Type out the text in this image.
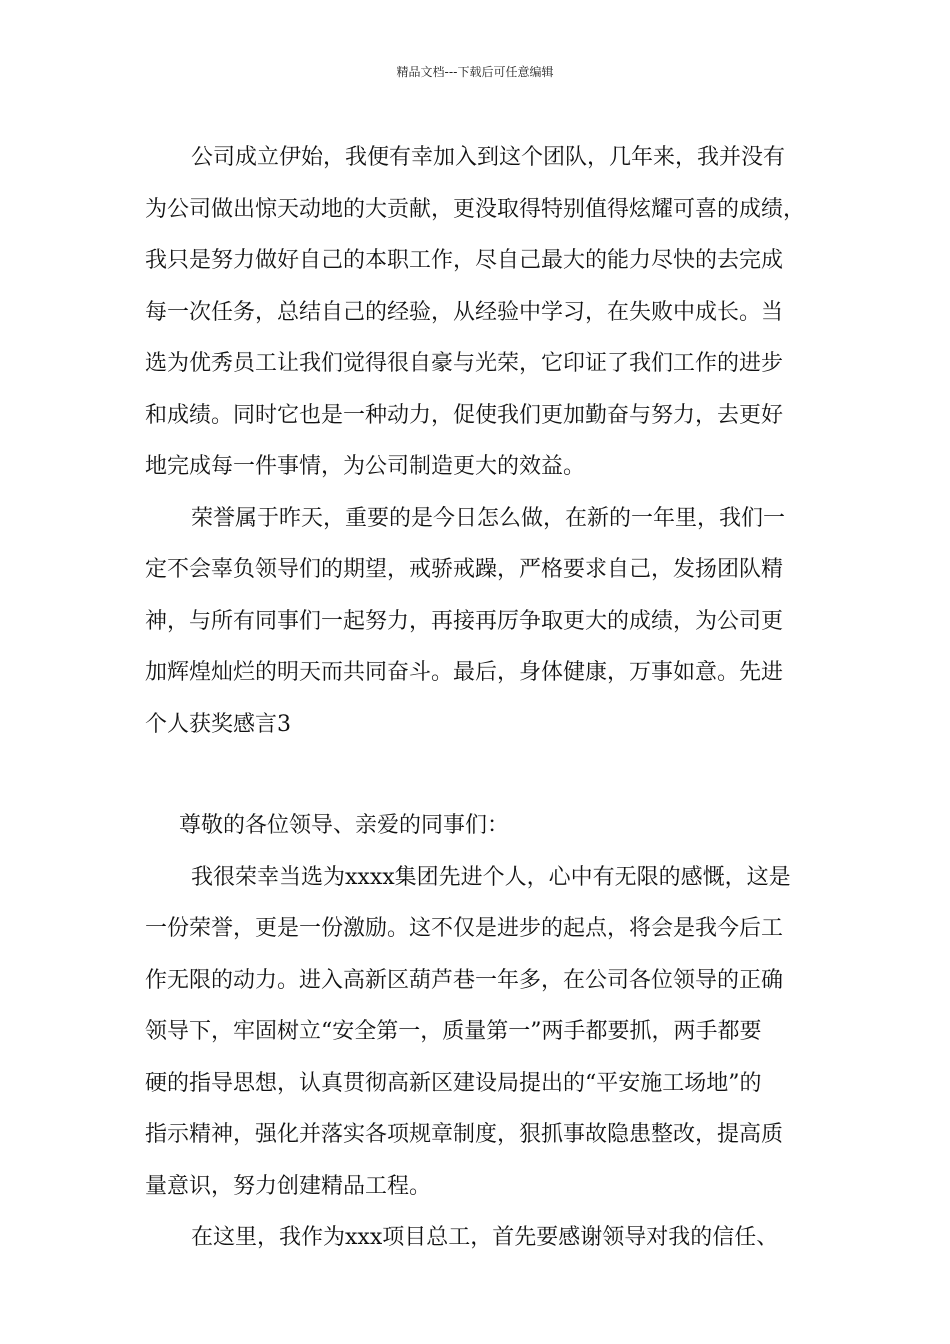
精品文档---下载后可任意编辑
公司成立伊始，我便有幸加入到这个团队，几年来，我并没有
为公司做出惊天动地的大贡献，更没取得特别值得炫耀可喜的成绩，
我只是努力做好自己的本职工作，尽自己最大的能力尽快的去完成
每一次任务，总结自己的经验，从经验中学习，在失败中成长。当
选为优秀员工让我们觉得很自豪与光荣，它印证了我们工作的进步
和成绩。同时它也是一种动力，促使我们更加勤奋与努力，去更好
地完成每一件事情，为公司制造更大的效益。
荣誉属于昨天，重要的是今日怎么做，在新的一年里，我们一
定不会辜负领导们的期望，戒骄戒躁，严格要求自己，发扬团队精
神，与所有同事们一起努力，再接再厉争取更大的成绩，为公司更
加辉煌灿烂的明天而共同奋斗。最后，身体健康，万事如意。先进
个人获奖感言3
尊敬的各位领导、亲爱的同事们：
我很荣幸当选为xxxx集团先进个人，心中有无限的感慨，这是
一份荣誉，更是一份激励。这不仅是进步的起点，将会是我今后工
作无限的动力。进入高新区葫芦巷一年多，在公司各位领导的正确
领导下，牢固树立“安全第一，质量第一”两手都要抓，两手都要
硬的指导思想，认真贯彻高新区建设局提出的“平安施工场地”的
指示精神，强化并落实各项规章制度，狠抓事故隐患整改，提高质
量意识，努力创建精品工程。
在这里，我作为xxx项目总工，首先要感谢领导对我的信任、
